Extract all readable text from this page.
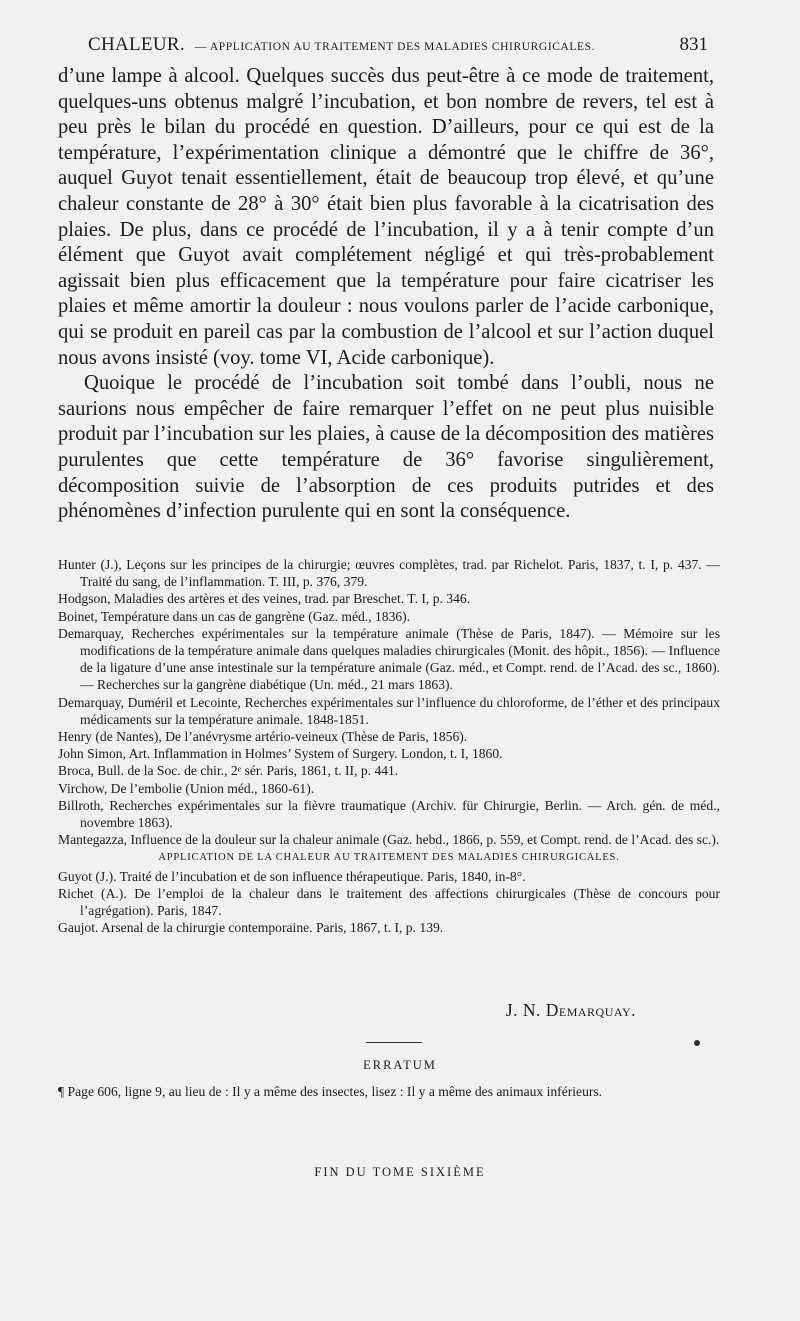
CHALEUR. — APPLICATION AU TRAITEMENT DES MALADIES CHIRURGICALES.	831

d’une lampe à alcool. Quelques succès dus peut-être à ce mode de traitement, quelques-uns obtenus malgré l’incubation, et bon nombre de revers, tel est à peu près le bilan du procédé en question. D’ailleurs, pour ce qui est de la température, l’expérimentation clinique a démontré que le chiffre de 36°, auquel Guyot tenait essentiellement, était de beaucoup trop élevé, et qu’une chaleur constante de 28° à 30° était bien plus favorable à la cicatrisation des plaies. De plus, dans ce procédé de l’incubation, il y a à tenir compte d’un élément que Guyot avait complétement négligé et qui très-probablement agissait bien plus efficacement que la température pour faire cicatriser les plaies et même amortir la douleur : nous voulons parler de l’acide carbonique, qui se produit en pareil cas par la combustion de l’alcool et sur l’action duquel nous avons insisté (voy. tome VI, Acide carbonique).

Quoique le procédé de l’incubation soit tombé dans l’oubli, nous ne saurions nous empêcher de faire remarquer l’effet on ne peut plus nuisible produit par l’incubation sur les plaies, à cause de la décomposition des matières purulentes que cette température de 36° favorise singulièrement, décomposition suivie de l’absorption de ces produits putrides et des phénomènes d’infection purulente qui en sont la conséquence.

Hunter (J.), Leçons sur les principes de la chirurgie; œuvres complètes, trad. par Richelot. Paris, 1837, t. I, p. 437. — Traité du sang, de l’inflammation. T. III, p. 376, 379.

Hodgson, Maladies des artères et des veines, trad. par Breschet. T. I, p. 346.

Boinet, Température dans un cas de gangrène (Gaz. méd., 1836).

Demarquay, Recherches expérimentales sur la température animale (Thèse de Paris, 1847). — Mémoire sur les modifications de la température animale dans quelques maladies chirurgicales (Monit. des hôpit., 1856). — Influence de la ligature d’une anse intestinale sur la température animale (Gaz. méd., et Compt. rend. de l’Acad. des sc., 1860). — Recherches sur la gangrène diabétique (Un. méd., 21 mars 1863).

Demarquay, Duméril et Lecointe, Recherches expérimentales sur l’influence du chloroforme, de l’éther et des principaux médicaments sur la température animale. 1848-1851.

Henry (de Nantes), De l’anévrysme artério-veineux (Thèse de Paris, 1856).

John Simon, Art. Inflammation in Holmes’ System of Surgery. London, t. I, 1860.

Broca, Bull. de la Soc. de chir., 2ᵉ sér. Paris, 1861, t. II, p. 441.

Virchow, De l’embolie (Union méd., 1860-61).

Billroth, Recherches expérimentales sur la fièvre traumatique (Archiv. für Chirurgie, Berlin. — Arch. gén. de méd., novembre 1863).

Mantegazza, Influence de la douleur sur la chaleur animale (Gaz. hebd., 1866, p. 559, et Compt. rend. de l’Acad. des sc.).

APPLICATION DE LA CHALEUR AU TRAITEMENT DES MALADIES CHIRURGICALES.

Guyot (J.). Traité de l’incubation et de son influence thérapeutique. Paris, 1840, in-8°.

Richet (A.). De l’emploi de la chaleur dans le traitement des affections chirurgicales (Thèse de concours pour l’agrégation). Paris, 1847.

Gaujot. Arsenal de la chirurgie contemporaine. Paris, 1867, t. I, p. 139.

J. N. Demarquay.
ERRATUM
¶ Page 606, ligne 9, au lieu de : Il y a même des insectes, lisez : Il y a même des animaux inférieurs.
FIN DU TOME SIXIÈME
